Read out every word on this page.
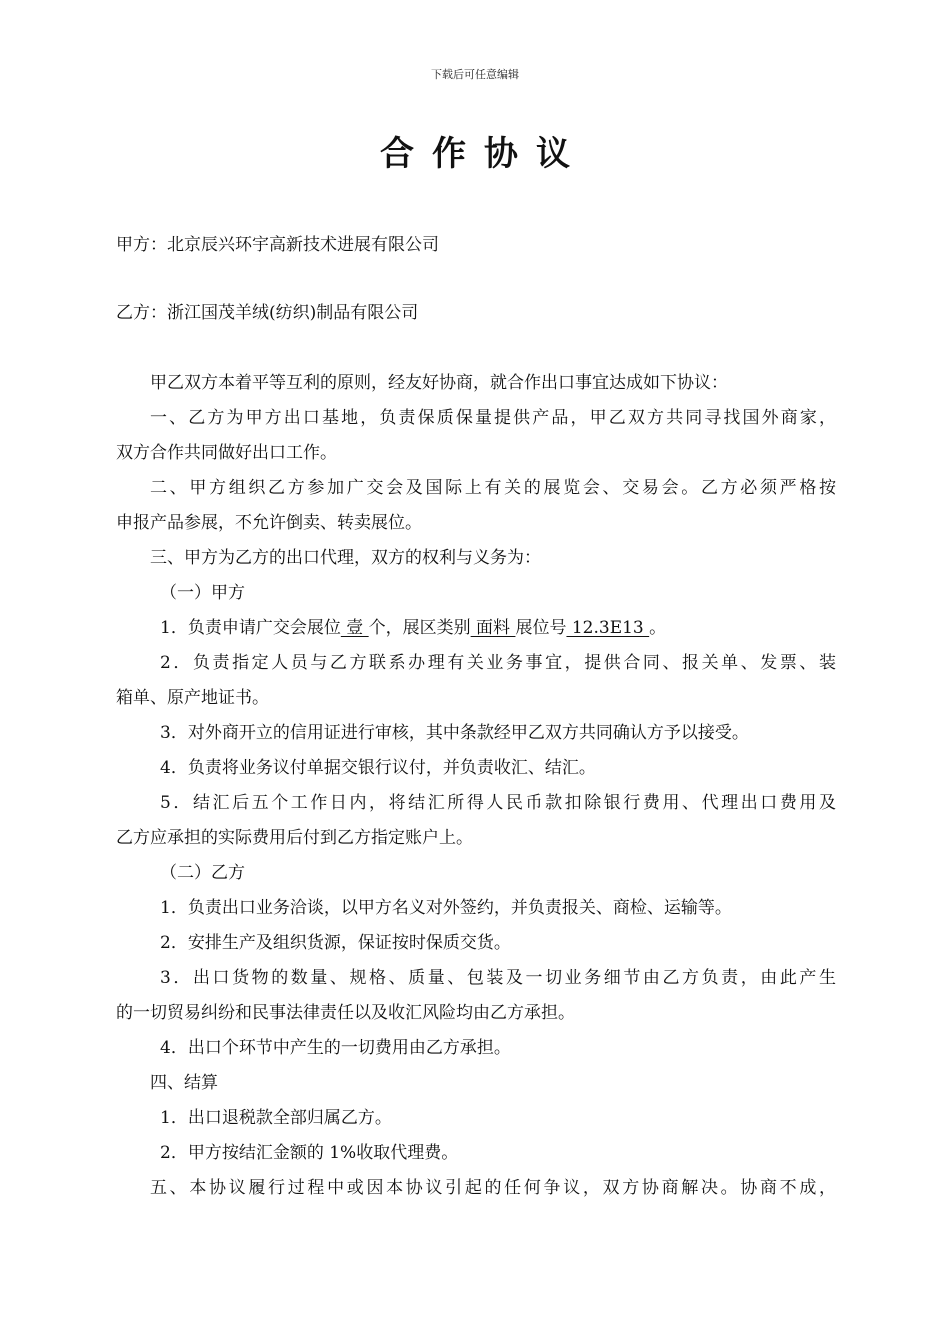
下载后可任意编辑
合作协议
甲方：北京辰兴环宇高新技术进展有限公司
乙方：浙江国茂羊绒(纺织)制品有限公司
甲乙双方本着平等互利的原则，经友好协商，就合作出口事宜达成如下协议：
一、乙方为甲方出口基地，负责保质保量提供产品，甲乙双方共同寻找国外商家，
双方合作共同做好出口工作。
二、甲方组织乙方参加广交会及国际上有关的展览会、交易会。乙方必须严格按
申报产品参展，不允许倒卖、转卖展位。
三、甲方为乙方的出口代理，双方的权利与义务为：
（一）甲方
1．负责申请广交会展位 壹 个，展区类别 面料 展位号 12.3E13 。
2．负责指定人员与乙方联系办理有关业务事宜，提供合同、报关单、发票、装
箱单、原产地证书。
3．对外商开立的信用证进行审核，其中条款经甲乙双方共同确认方予以接受。
4．负责将业务议付单据交银行议付，并负责收汇、结汇。
5．结汇后五个工作日内，将结汇所得人民币款扣除银行费用、代理出口费用及
乙方应承担的实际费用后付到乙方指定账户上。
（二）乙方
1．负责出口业务洽谈，以甲方名义对外签约，并负责报关、商检、运输等。
2．安排生产及组织货源，保证按时保质交货。
3．出口货物的数量、规格、质量、包装及一切业务细节由乙方负责，由此产生
的一切贸易纠纷和民事法律责任以及收汇风险均由乙方承担。
4．出口个环节中产生的一切费用由乙方承担。
四、结算
1．出口退税款全部归属乙方。
2．甲方按结汇金额的 1%收取代理费。
五、本协议履行过程中或因本协议引起的任何争议，双方协商解决。协商不成，
